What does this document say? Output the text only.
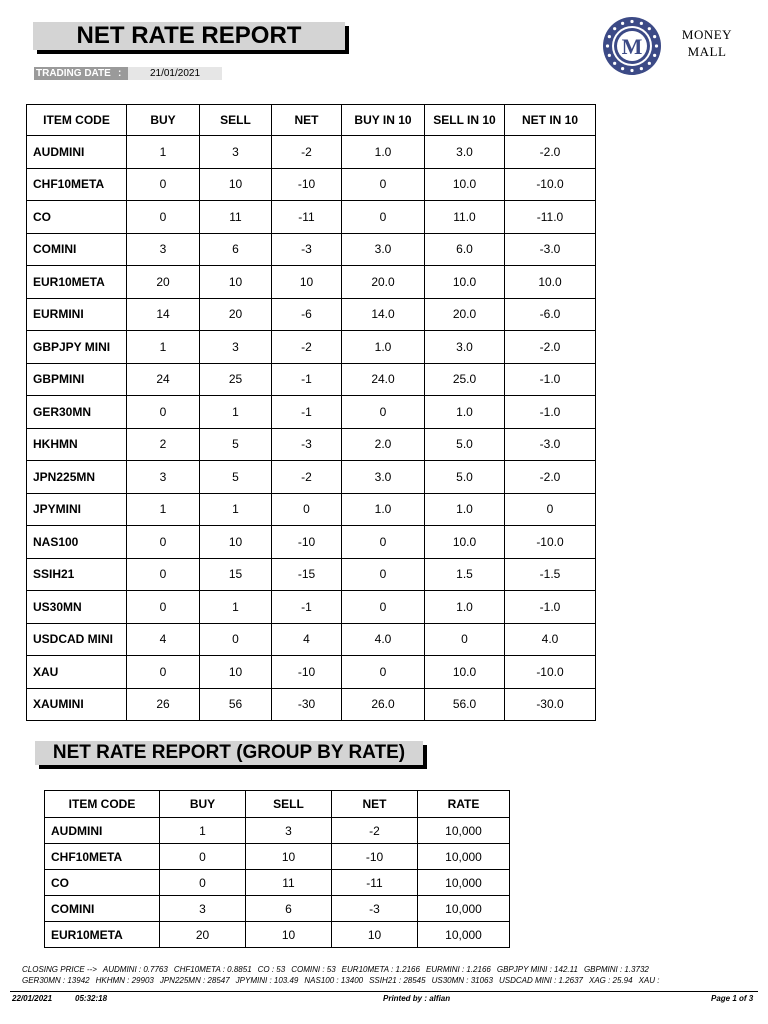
NET RATE REPORT
TRADING DATE :	21/01/2021
M	MONEY
MALL
ITEM CODE	BUY	SELL	NET	BUY IN 10	SELL IN 10	NET IN 10
AUDMINI	1	3	-2	1.0	3.0	-2.0
CHF10META	0	10	-10	0	10.0	-10.0
CO	0	11	-11	0	11.0	-11.0
COMINI	3	6	-3	3.0	6.0	-3.0
EUR10META	20	10	10	20.0	10.0	10.0
EURMINI	14	20	-6	14.0	20.0	-6.0
GBPJPY MINI	1	3	-2	1.0	3.0	-2.0
GBPMINI	24	25	-1	24.0	25.0	-1.0
GER30MN	0	1	-1	0	1.0	-1.0
HKHMN	2	5	-3	2.0	5.0	-3.0
JPN225MN	3	5	-2	3.0	5.0	-2.0
JPYMINI	1	1	0	1.0	1.0	0
NAS100	0	10	-10	0	10.0	-10.0
SSIH21	0	15	-15	0	1.5	-1.5
US30MN	0	1	-1	0	1.0	-1.0
USDCAD MINI	4	0	4	4.0	0	4.0
XAU	0	10	-10	0	10.0	-10.0
XAUMINI	26	56	-30	26.0	56.0	-30.0
NET RATE REPORT (GROUP BY RATE)
ITEM CODE	BUY	SELL	NET	RATE
AUDMINI	1	3	-2	10,000
CHF10META	0	10	-10	10,000
CO	0	11	-11	10,000
COMINI	3	6	-3	10,000
EUR10META	20	10	10	10,000
CLOSING PRICE --> AUDMINI : 0.7763 CHF10META : 0.8851 CO : 53 COMINI : 53 EUR10META : 1.2166 EURMINI : 1.2166 GBPJPY MINI : 142.11 GBPMINI : 1.3732
GER30MN : 13942 HKHMN : 29903 JPN225MN : 28547 JPYMINI : 103.49 NAS100 : 13400 SSIH21 : 28545 US30MN : 31063 USDCAD MINI : 1.2637 XAG : 25.94 XAU :
22/01/2021	05:32:18	Printed by : alfian	Page 1 of 3
